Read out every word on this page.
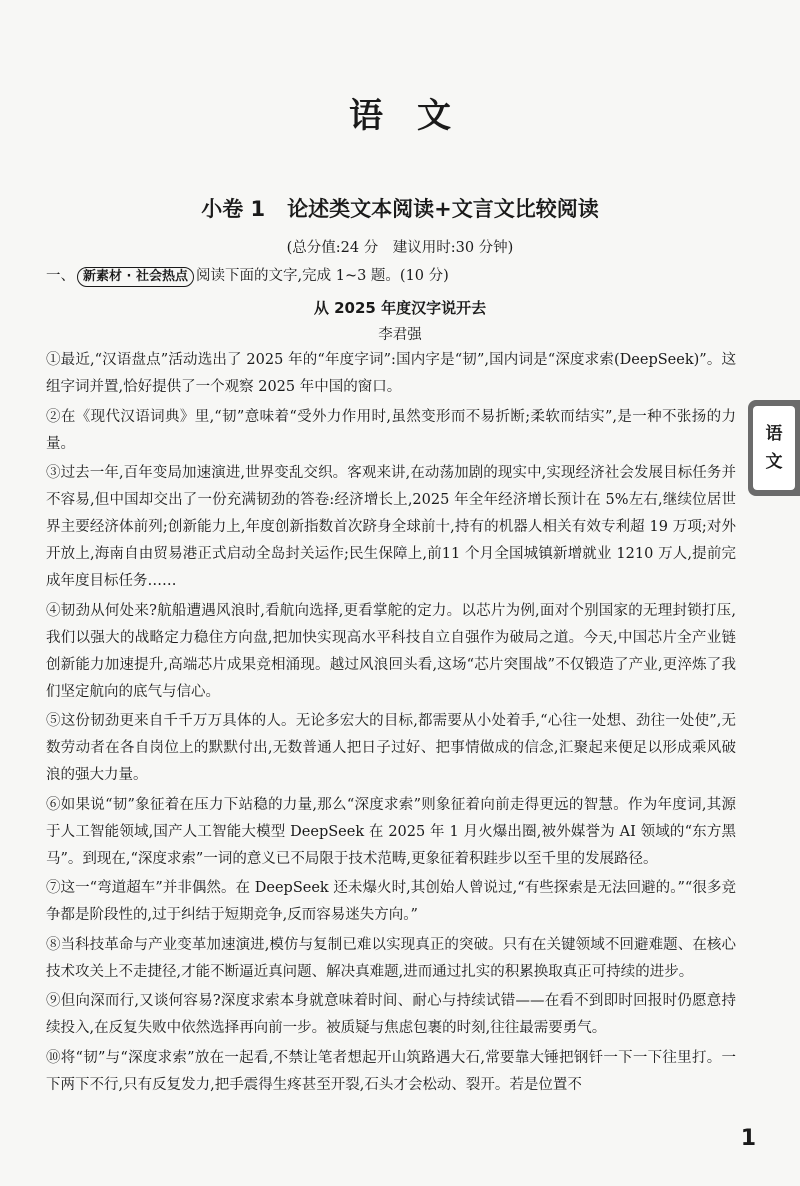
语文
小卷 1 论述类文本阅读+文言文比较阅读
(总分值:24 分　建议用时:30 分钟)
一、 新素材 · 社会热点 阅读下面的文字,完成 1~3 题。(10 分)
从 2025 年度汉字说开去
李君强

①最近,“汉语盘点”活动选出了 2025 年的“年度字词”:国内字是“韧”,国内词是“深度求索(DeepSeek)”。这组字词并置,恰好提供了一个观察 2025 年中国的窗口。

②在《现代汉语词典》里,“韧”意味着“受外力作用时,虽然变形而不易折断;柔软而结实”,是一种不张扬的力量。

③过去一年,百年变局加速演进,世界变乱交织。客观来讲,在动荡加剧的现实中,实现经济社会发展目标任务并不容易,但中国却交出了一份充满韧劲的答卷:经济增长上,2025 年全年经济增长预计在 5%左右,继续位居世界主要经济体前列;创新能力上,年度创新指数首次跻身全球前十,持有的机器人相关有效专利超 19 万项;对外开放上,海南自由贸易港正式启动全岛封关运作;民生保障上,前11 个月全国城镇新增就业 1210 万人,提前完成年度目标任务……

④韧劲从何处来?航船遭遇风浪时,看航向选择,更看掌舵的定力。以芯片为例,面对个别国家的无理封锁打压,我们以强大的战略定力稳住方向盘,把加快实现高水平科技自立自强作为破局之道。今天,中国芯片全产业链创新能力加速提升,高端芯片成果竞相涌现。越过风浪回头看,这场“芯片突围战”不仅锻造了产业,更淬炼了我们坚定航向的底气与信心。

⑤这份韧劲更来自千千万万具体的人。无论多宏大的目标,都需要从小处着手,“心往一处想、劲往一处使”,无数劳动者在各自岗位上的默默付出,无数普通人把日子过好、把事情做成的信念,汇聚起来便足以形成乘风破浪的强大力量。

⑥如果说“韧”象征着在压力下站稳的力量,那么“深度求索”则象征着向前走得更远的智慧。作为年度词,其源于人工智能领域,国产人工智能大模型 DeepSeek 在 2025 年 1 月火爆出圈,被外媒誉为 AI 领域的“东方黑马”。到现在,“深度求索”一词的意义已不局限于技术范畴,更象征着积跬步以至千里的发展路径。

⑦这一“弯道超车”并非偶然。在 DeepSeek 还未爆火时,其创始人曾说过,“有些探索是无法回避的。”“很多竞争都是阶段性的,过于纠结于短期竞争,反而容易迷失方向。”

⑧当科技革命与产业变革加速演进,模仿与复制已难以实现真正的突破。只有在关键领域不回避难题、在核心技术攻关上不走捷径,才能不断逼近真问题、解决真难题,进而通过扎实的积累换取真正可持续的进步。

⑨但向深而行,又谈何容易?深度求索本身就意味着时间、耐心与持续试错——在看不到即时回报时仍愿意持续投入,在反复失败中依然选择再向前一步。被质疑与焦虑包裹的时刻,往往最需要勇气。

⑩将“韧”与“深度求索”放在一起看,不禁让笔者想起开山筑路遇大石,常要靠大锤把钢钎一下一下往里打。一下两下不行,只有反复发力,把手震得生疼甚至开裂,石头才会松动、裂开。若是位置不

语
文
1
